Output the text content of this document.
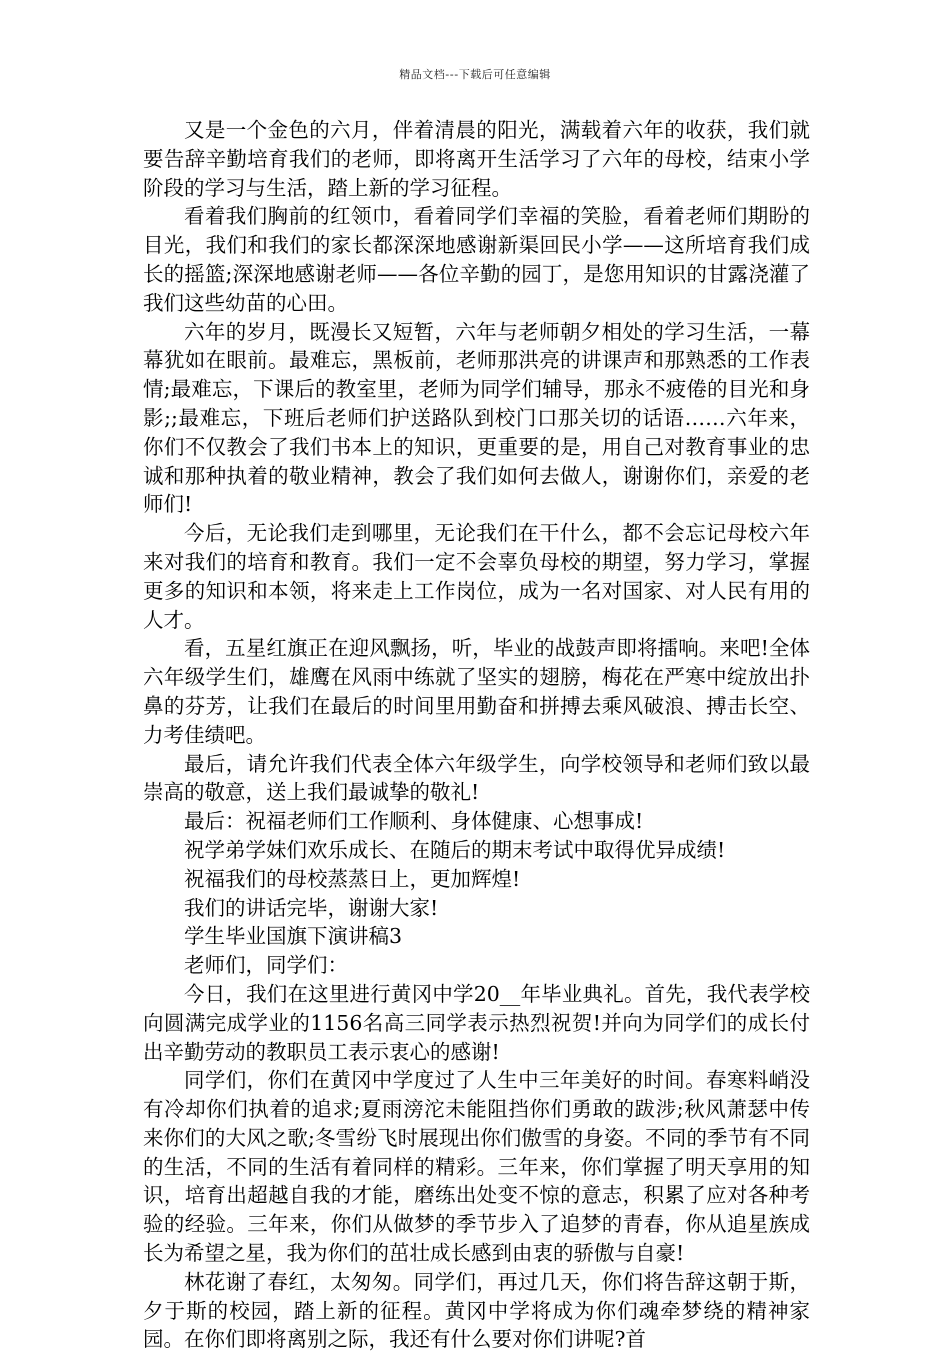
精品文档---下载后可任意编辑

又是一个金色的六月，伴着清晨的阳光，满载着六年的收获，我们就要告辞辛勤培育我们的老师，即将离开生活学习了六年的母校，结束小学阶段的学习与生活，踏上新的学习征程。

看着我们胸前的红领巾，看着同学们幸福的笑脸，看着老师们期盼的目光，我们和我们的家长都深深地感谢新渠回民小学——这所培育我们成长的摇篮;深深地感谢老师——各位辛勤的园丁，是您用知识的甘露浇灌了我们这些幼苗的心田。

六年的岁月，既漫长又短暂，六年与老师朝夕相处的学习生活，一幕幕犹如在眼前。最难忘，黑板前，老师那洪亮的讲课声和那熟悉的工作表情;最难忘，下课后的教室里，老师为同学们辅导，那永不疲倦的目光和身影;;最难忘，下班后老师们护送路队到校门口那关切的话语……六年来，你们不仅教会了我们书本上的知识，更重要的是，用自己对教育事业的忠诚和那种执着的敬业精神，教会了我们如何去做人，谢谢你们，亲爱的老师们!

今后，无论我们走到哪里，无论我们在干什么，都不会忘记母校六年来对我们的培育和教育。我们一定不会辜负母校的期望，努力学习，掌握更多的知识和本领，将来走上工作岗位，成为一名对国家、对人民有用的人才。

看，五星红旗正在迎风飘扬，听，毕业的战鼓声即将擂响。来吧!全体六年级学生们，雄鹰在风雨中练就了坚实的翅膀，梅花在严寒中绽放出扑鼻的芬芳，让我们在最后的时间里用勤奋和拼搏去乘风破浪、搏击长空、力考佳绩吧。

最后，请允许我们代表全体六年级学生，向学校领导和老师们致以最崇高的敬意，送上我们最诚挚的敬礼!

最后：祝福老师们工作顺利、身体健康、心想事成!

祝学弟学妹们欢乐成长、在随后的期末考试中取得优异成绩!

祝福我们的母校蒸蒸日上，更加辉煌!

我们的讲话完毕，谢谢大家!

学生毕业国旗下演讲稿3

老师们，同学们：

今日，我们在这里进行黄冈中学20__年毕业典礼。首先，我代表学校向圆满完成学业的1156名高三同学表示热烈祝贺!并向为同学们的成长付出辛勤劳动的教职员工表示衷心的感谢!

同学们，你们在黄冈中学度过了人生中三年美好的时间。春寒料峭没有冷却你们执着的追求;夏雨滂沱未能阻挡你们勇敢的跋涉;秋风萧瑟中传来你们的大风之歌;冬雪纷飞时展现出你们傲雪的身姿。不同的季节有不同的生活，不同的生活有着同样的精彩。三年来，你们掌握了明天享用的知识，培育出超越自我的才能，磨练出处变不惊的意志，积累了应对各种考验的经验。三年来，你们从做梦的季节步入了追梦的青春，你从追星族成长为希望之星，我为你们的茁壮成长感到由衷的骄傲与自豪!

林花谢了春红，太匆匆。同学们，再过几天，你们将告辞这朝于斯，夕于斯的校园，踏上新的征程。黄冈中学将成为你们魂牵梦绕的精神家园。在你们即将离别之际，我还有什么要对你们讲呢?首
